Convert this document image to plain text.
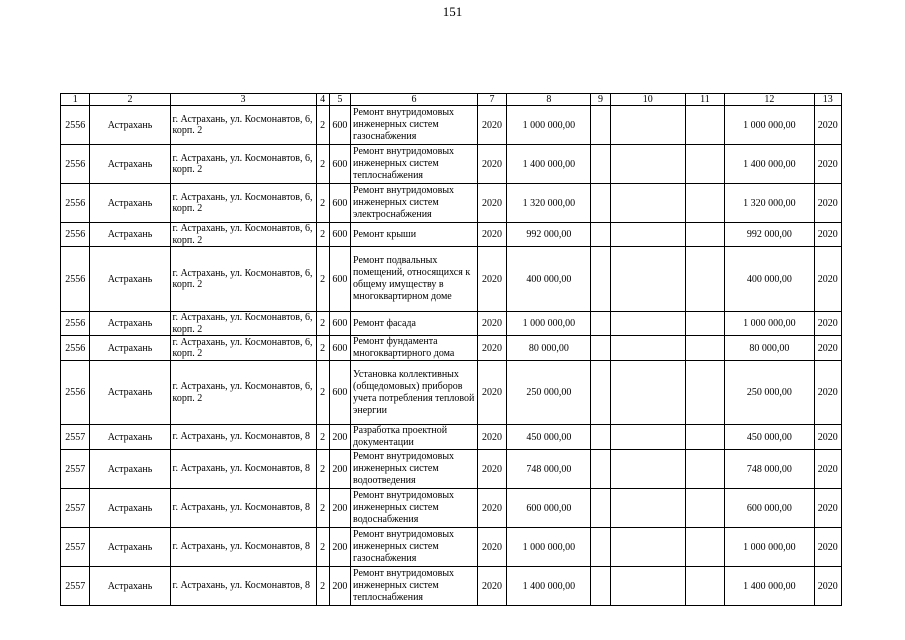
151
1	2	3	4	5	6	7	8	9	10	11	12	13
2556	Астрахань	г. Астрахань, ул. Космонавтов, 6, корп. 2	2	600	Ремонт внутридомовых инженерных систем газоснабжения	2020	1 000 000,00				1 000 000,00	2020
2556	Астрахань	г. Астрахань, ул. Космонавтов, 6, корп. 2	2	600	Ремонт внутридомовых инженерных систем теплоснабжения	2020	1 400 000,00				1 400 000,00	2020
2556	Астрахань	г. Астрахань, ул. Космонавтов, 6, корп. 2	2	600	Ремонт внутридомовых инженерных систем электроснабжения	2020	1 320 000,00				1 320 000,00	2020
2556	Астрахань	г. Астрахань, ул. Космонавтов, 6, корп. 2	2	600	Ремонт крыши	2020	992 000,00				992 000,00	2020
2556	Астрахань	г. Астрахань, ул. Космонавтов, 6, корп. 2	2	600	Ремонт подвальных помещений, относящихся к общему имуществу в многоквартирном доме	2020	400 000,00				400 000,00	2020
2556	Астрахань	г. Астрахань, ул. Космонавтов, 6, корп. 2	2	600	Ремонт фасада	2020	1 000 000,00				1 000 000,00	2020
2556	Астрахань	г. Астрахань, ул. Космонавтов, 6, корп. 2	2	600	Ремонт фундамента многоквартирного дома	2020	80 000,00				80 000,00	2020
2556	Астрахань	г. Астрахань, ул. Космонавтов, 6, корп. 2	2	600	Установка коллективных (общедомовых) приборов учета потребления тепловой энергии	2020	250 000,00				250 000,00	2020
2557	Астрахань	г. Астрахань, ул. Космонавтов, 8	2	200	Разработка проектной документации	2020	450 000,00				450 000,00	2020
2557	Астрахань	г. Астрахань, ул. Космонавтов, 8	2	200	Ремонт внутридомовых инженерных систем водоотведения	2020	748 000,00				748 000,00	2020
2557	Астрахань	г. Астрахань, ул. Космонавтов, 8	2	200	Ремонт внутридомовых инженерных систем водоснабжения	2020	600 000,00				600 000,00	2020
2557	Астрахань	г. Астрахань, ул. Космонавтов, 8	2	200	Ремонт внутридомовых инженерных систем газоснабжения	2020	1 000 000,00				1 000 000,00	2020
2557	Астрахань	г. Астрахань, ул. Космонавтов, 8	2	200	Ремонт внутридомовых инженерных систем теплоснабжения	2020	1 400 000,00				1 400 000,00	2020
